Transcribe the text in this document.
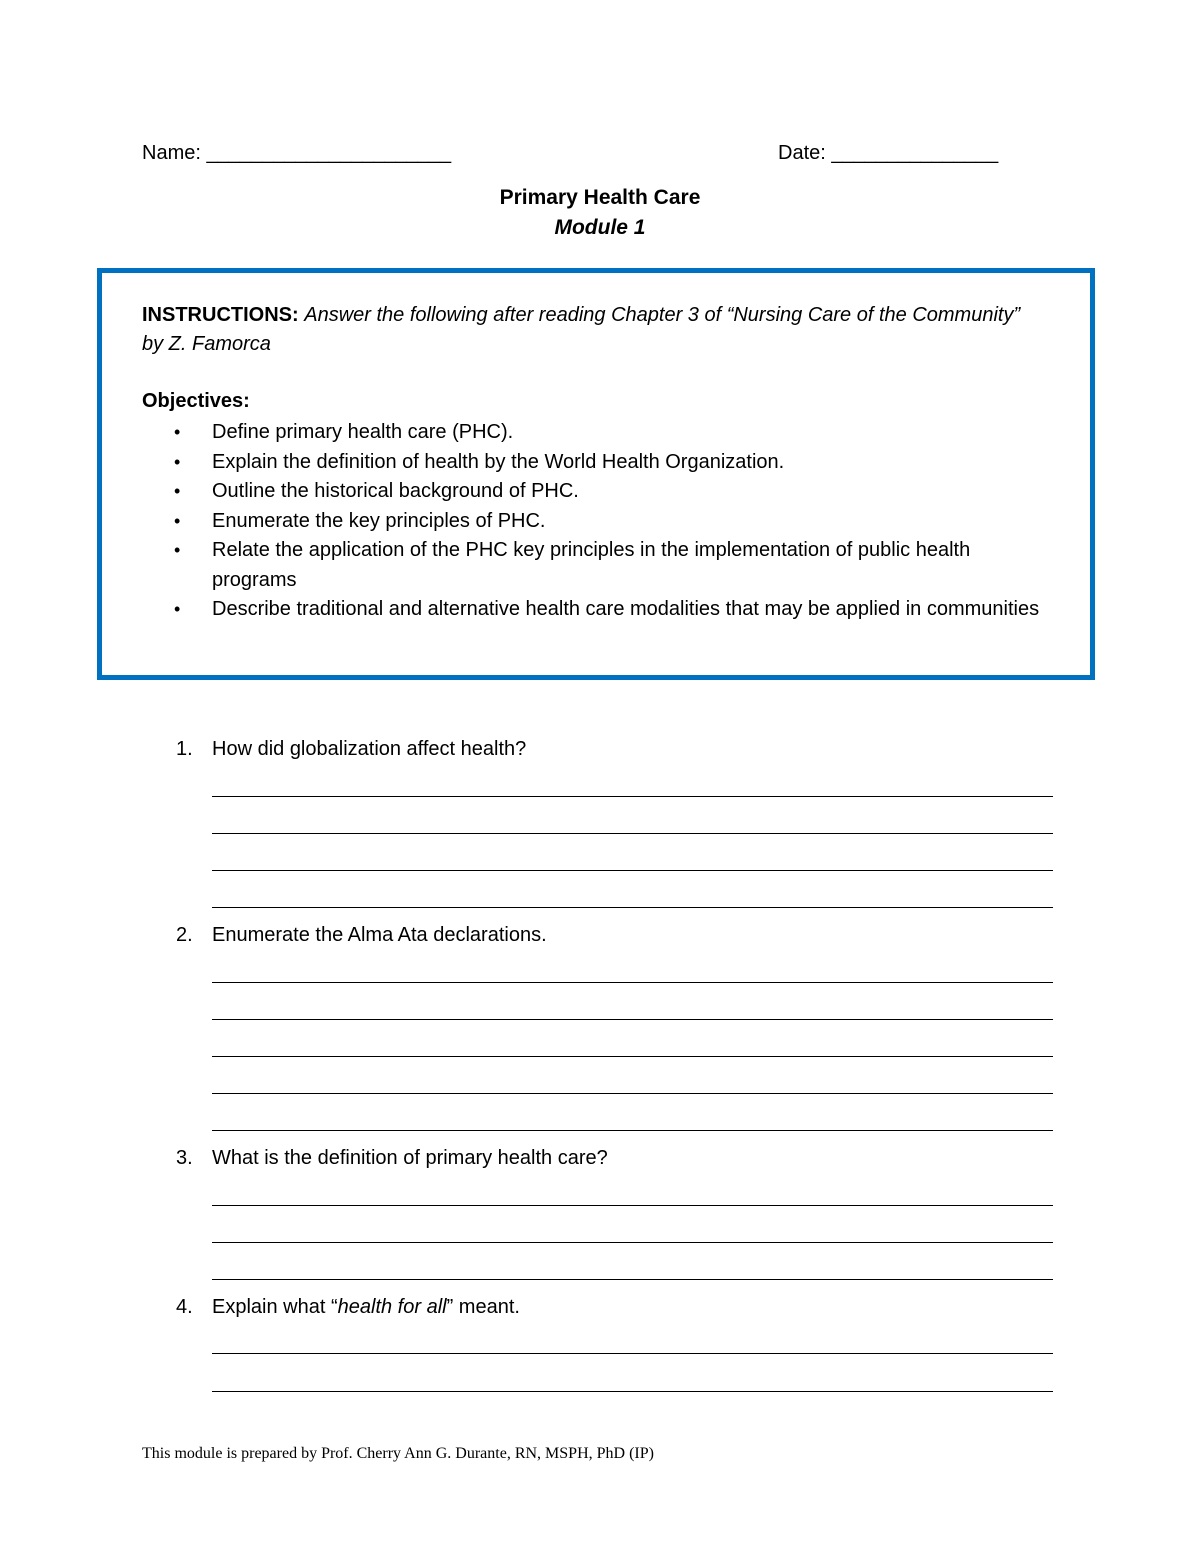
Name: ______________________	Date: _______________
Primary Health Care
Module 1
INSTRUCTIONS: Answer the following after reading Chapter 3 of “Nursing Care of the Community” by Z. Famorca
Objectives:
• Define primary health care (PHC).
• Explain the definition of health by the World Health Organization.
• Outline the historical background of PHC.
• Enumerate the key principles of PHC.
• Relate the application of the PHC key principles in the implementation of public health programs
• Describe traditional and alternative health care modalities that may be applied in communities
1. How did globalization affect health?
2. Enumerate the Alma Ata declarations.
3. What is the definition of primary health care?
4. Explain what “health for all” meant.
This module is prepared by Prof. Cherry Ann G. Durante, RN, MSPH, PhD (IP)
